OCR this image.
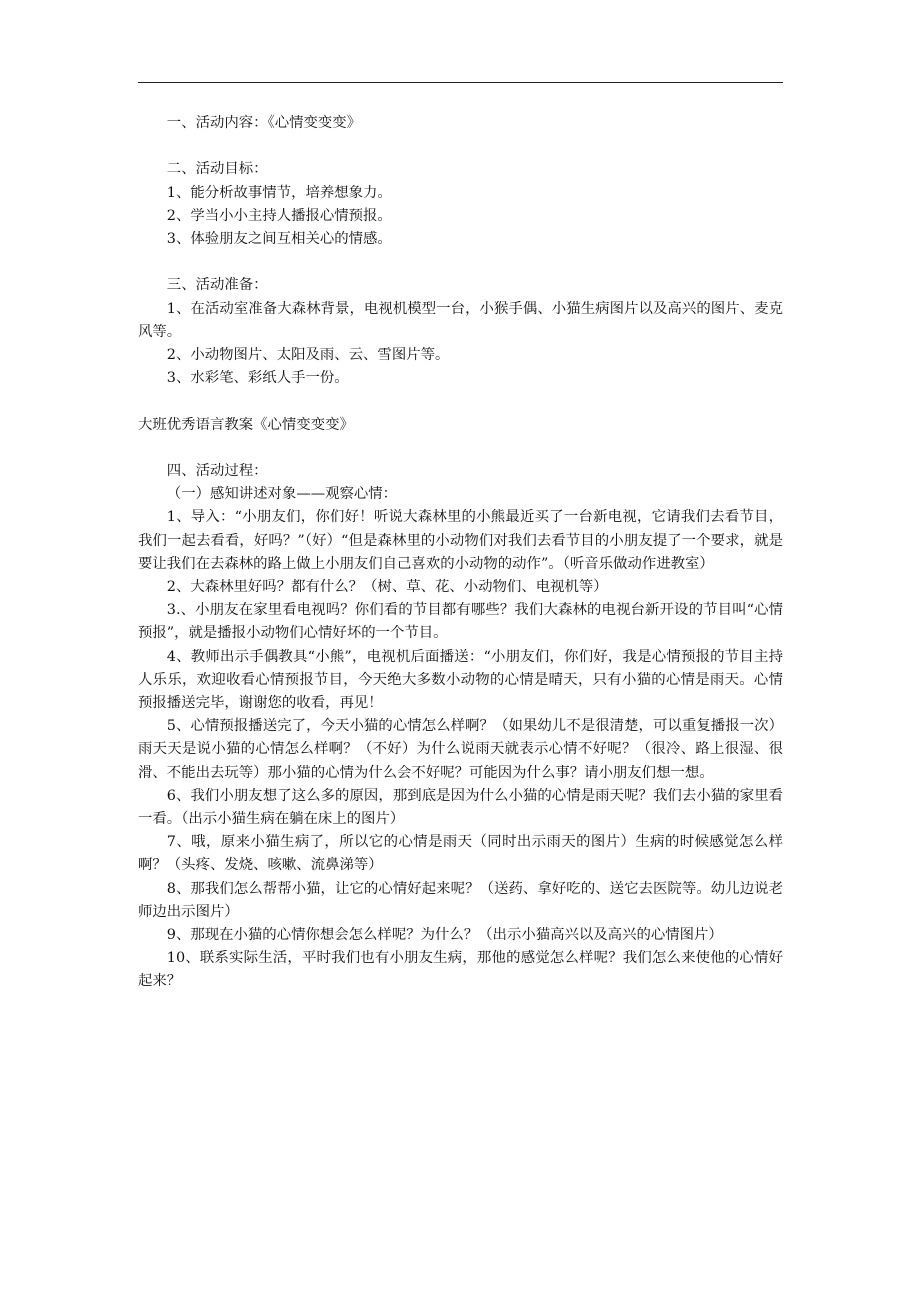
一、活动内容：《心情变变变》

二、活动目标：

1、能分析故事情节，培养想象力。

2、学当小小主持人播报心情预报。

3、体验朋友之间互相关心的情感。

三、活动准备：

1、在活动室准备大森林背景，电视机模型一台，小猴手偶、小猫生病图片以及高兴的图片、麦克风等。

2、小动物图片、太阳及雨、云、雪图片等。

3、水彩笔、彩纸人手一份。

大班优秀语言教案《心情变变变》

四、活动过程：

（一）感知讲述对象——观察心情：

1、导入：“小朋友们，你们好！听说大森林里的小熊最近买了一台新电视，它请我们去看节目，我们一起去看看，好吗？”（好）“但是森林里的小动物们对我们去看节目的小朋友提了一个要求，就是要让我们在去森林的路上做上小朋友们自己喜欢的小动物的动作”。（听音乐做动作进教室）

2、大森林里好吗？都有什么？（树、草、花、小动物们、电视机等）

3.、小朋友在家里看电视吗？你们看的节目都有哪些？我们大森林的电视台新开设的节目叫“心情预报”，就是播报小动物们心情好坏的一个节目。

4、教师出示手偶教具“小熊”，电视机后面播送：“小朋友们，你们好，我是心情预报的节目主持人乐乐，欢迎收看心情预报节目，今天绝大多数小动物的心情是晴天，只有小猫的心情是雨天。心情预报播送完毕，谢谢您的收看，再见！

5、心情预报播送完了，今天小猫的心情怎么样啊？（如果幼儿不是很清楚，可以重复播报一次）雨天天是说小猫的心情怎么样啊？（不好）为什么说雨天就表示心情不好呢？（很冷、路上很湿、很滑、不能出去玩等）那小猫的心情为什么会不好呢？可能因为什么事？请小朋友们想一想。

6、我们小朋友想了这么多的原因，那到底是因为什么小猫的心情是雨天呢？我们去小猫的家里看一看。（出示小猫生病在躺在床上的图片）

7、哦，原来小猫生病了，所以它的心情是雨天（同时出示雨天的图片）生病的时候感觉怎么样啊？（头疼、发烧、咳嗽、流鼻涕等）

8、那我们怎么帮帮小猫，让它的心情好起来呢？（送药、拿好吃的、送它去医院等。幼儿边说老师边出示图片）

9、那现在小猫的心情你想会怎么样呢？为什么？（出示小猫高兴以及高兴的心情图片）

10、联系实际生活，平时我们也有小朋友生病，那他的感觉怎么样呢？我们怎么来使他的心情好起来？
